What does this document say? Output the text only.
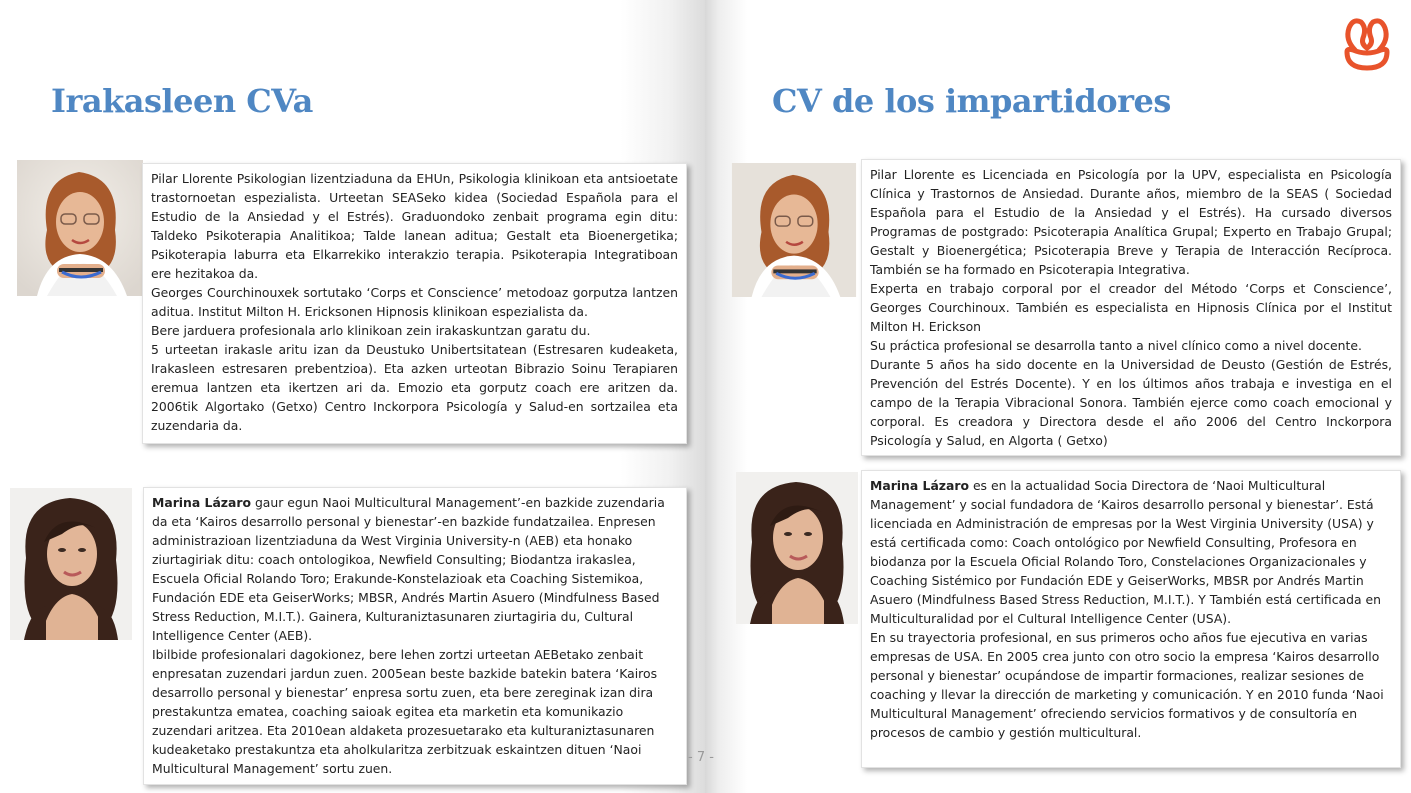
Irakasleen CVa

Pilar Llorente Psikologian lizentziaduna da EHUn, Psikologia klinikoan eta antsioetate trastornoetan espezialista. Urteetan SEASeko kidea (Sociedad Española para el Estudio de la Ansiedad y el Estrés). Graduondoko zenbait programa egin ditu: Taldeko Psikoterapia Analitikoa; Talde lanean aditua; Gestalt eta Bioenergetika; Psikoterapia laburra eta Elkarrekiko interakzio terapia. Psikoterapia Integratiboan ere hezitakoa da.

Georges Courchinouxek sortutako ‘Corps et Conscience’ metodoaz gorputza lantzen aditua. Institut Milton H. Ericksonen Hipnosis klinikoan espezialista da.

Bere jarduera profesionala arlo klinikoan zein irakaskuntzan garatu du.

5 urteetan irakasle aritu izan da Deustuko Unibertsitatean (Estresaren kudeaketa, Irakasleen estresaren prebentzioa). Eta azken urteotan Bibrazio Soinu Terapiaren eremua lantzen eta ikertzen ari da. Emozio eta gorputz coach ere aritzen da. 2006tik Algortako (Getxo) Centro Inckorpora Psicología y Salud-en sortzailea eta zuzendaria da.

Marina Lázaro gaur egun Naoi Multicultural Management’-en bazkide zuzendaria da eta ‘Kairos desarrollo personal y bienestar’-en bazkide fundatzailea. Enpresen administrazioan lizentziaduna da West Virginia University-n (AEB) eta honako ziurtagiriak ditu: coach ontologikoa, Newfield Consulting; Biodantza irakaslea, Escuela Oficial Rolando Toro; Erakunde-Konstelazioak eta Coaching Sistemikoa, Fundación EDE eta GeiserWorks; MBSR, Andrés Martin Asuero (Mindfulness Based Stress Reduction, M.I.T.). Gainera, Kulturaniztasunaren ziurtagiria du, Cultural Intelligence Center (AEB).

Ibilbide profesionalari dagokionez, bere lehen zortzi urteetan AEBetako zenbait enpresatan zuzendari jardun zuen. 2005ean beste bazkide batekin batera ‘Kairos desarrollo personal y bienestar’ enpresa sortu zuen, eta bere zereginak izan dira prestakuntza ematea, coaching saioak egitea eta marketin eta komunikazio zuzendari aritzea. Eta 2010ean aldaketa prozesuetarako eta kulturaniztasunaren kudeaketako prestakuntza eta aholkularitza zerbitzuak eskaintzen dituen ‘Naoi Multicultural Management’ sortu zuen.

- 7 -
CV de los impartidores

Pilar Llorente es Licenciada en Psicología por la UPV, especialista en Psicología Clínica y Trastornos de Ansiedad. Durante años, miembro de la SEAS ( Sociedad Española para el Estudio de la Ansiedad y el Estrés). Ha cursado diversos Programas de postgrado: Psicoterapia Analítica Grupal; Experto en Trabajo Grupal; Gestalt y Bioenergética; Psicoterapia Breve y Terapia de Interacción Recíproca. También se ha formado en Psicoterapia Integrativa.

Experta en trabajo corporal por el creador del Método ‘Corps et Conscience’, Georges Courchinoux. También es especialista en Hipnosis Clínica por el Institut Milton H. Erickson

Su práctica profesional se desarrolla tanto a nivel clínico como a nivel docente.

Durante 5 años ha sido docente en la Universidad de Deusto (Gestión de Estrés, Prevención del Estrés Docente). Y en los últimos años trabaja e investiga en el campo de la Terapia Vibracional Sonora. También ejerce como coach emocional y corporal. Es creadora y Directora desde el año 2006 del Centro Inckorpora Psicología y Salud, en Algorta ( Getxo)

Marina Lázaro es en la actualidad Socia Directora de ‘Naoi Multicultural Management’ y social fundadora de ‘Kairos desarrollo personal y bienestar’. Está licenciada en Administración de empresas por la West Virginia University (USA) y está certificada como: Coach ontológico por Newfield Consulting, Profesora en biodanza por la Escuela Oficial Rolando Toro, Constelaciones Organizacionales y Coaching Sistémico por Fundación EDE y GeiserWorks, MBSR por Andrés Martin Asuero (Mindfulness Based Stress Reduction, M.I.T.). Y También está certificada en Multiculturalidad por el Cultural Intelligence Center (USA).

En su trayectoria profesional, en sus primeros ocho años fue ejecutiva en varias empresas de USA. En 2005 crea junto con otro socio la empresa ‘Kairos desarrollo personal y bienestar’ ocupándose de impartir formaciones, realizar sesiones de coaching y llevar la dirección de marketing y comunicación. Y en 2010 funda ‘Naoi Multicultural Management’ ofreciendo servicios formativos y de consultoría en procesos de cambio y gestión multicultural.
